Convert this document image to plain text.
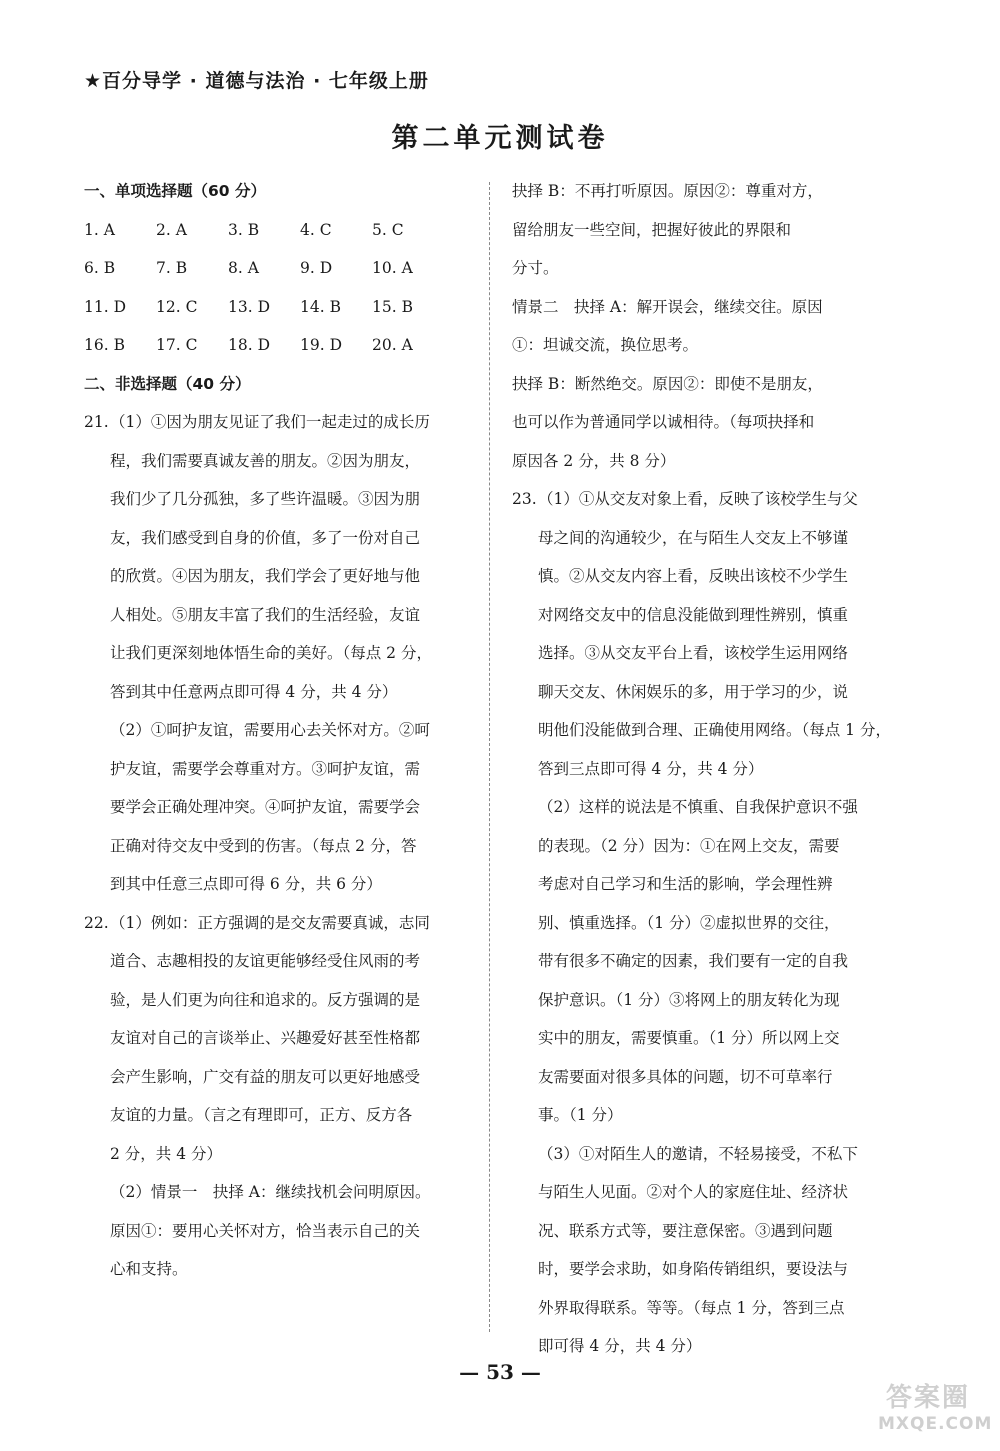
★百分导学 · 道德与法治 · 七年级上册
第二单元测试卷
一、单项选择题（60 分）
1. A	2. A	3. B	4. C	5. C
6. B	7. B	8. A	9. D	10. A
11. D	12. C	13. D	14. B	15. B
16. B	17. C	18. D	19. D	20. A
二、非选择题（40 分）
21.（1）①因为朋友见证了我们一起走过的成长历
程，我们需要真诚友善的朋友。②因为朋友，
我们少了几分孤独，多了些许温暖。③因为朋
友，我们感受到自身的价值，多了一份对自己
的欣赏。④因为朋友，我们学会了更好地与他
人相处。⑤朋友丰富了我们的生活经验，友谊
让我们更深刻地体悟生命的美好。（每点 2 分，
答到其中任意两点即可得 4 分，共 4 分）
（2）①呵护友谊，需要用心去关怀对方。②呵
护友谊，需要学会尊重对方。③呵护友谊，需
要学会正确处理冲突。④呵护友谊，需要学会
正确对待交友中受到的伤害。（每点 2 分，答
到其中任意三点即可得 6 分，共 6 分）
22.（1）例如：正方强调的是交友需要真诚，志同
道合、志趣相投的友谊更能够经受住风雨的考
验，是人们更为向往和追求的。反方强调的是
友谊对自己的言谈举止、兴趣爱好甚至性格都
会产生影响，广交有益的朋友可以更好地感受
友谊的力量。（言之有理即可，正方、反方各
2 分，共 4 分）
（2）情景一　抉择 A：继续找机会问明原因。
原因①：要用心关怀对方，恰当表示自己的关
心和支持。
抉择 B：不再打听原因。原因②：尊重对方，
留给朋友一些空间，把握好彼此的界限和
分寸。
情景二　抉择 A：解开误会，继续交往。原因
①：坦诚交流，换位思考。
抉择 B：断然绝交。原因②：即使不是朋友，
也可以作为普通同学以诚相待。（每项抉择和
原因各 2 分，共 8 分）
23.（1）①从交友对象上看，反映了该校学生与父
母之间的沟通较少，在与陌生人交友上不够谨
慎。②从交友内容上看，反映出该校不少学生
对网络交友中的信息没能做到理性辨别，慎重
选择。③从交友平台上看，该校学生运用网络
聊天交友、休闲娱乐的多，用于学习的少，说
明他们没能做到合理、正确使用网络。（每点 1 分，
答到三点即可得 4 分，共 4 分）
（2）这样的说法是不慎重、自我保护意识不强
的表现。（2 分）因为：①在网上交友，需要
考虑对自己学习和生活的影响，学会理性辨
别、慎重选择。（1 分）②虚拟世界的交往，
带有很多不确定的因素，我们要有一定的自我
保护意识。（1 分）③将网上的朋友转化为现
实中的朋友，需要慎重。（1 分）所以网上交
友需要面对很多具体的问题，切不可草率行
事。（1 分）
（3）①对陌生人的邀请，不轻易接受，不私下
与陌生人见面。②对个人的家庭住址、经济状
况、联系方式等，要注意保密。③遇到问题
时，要学会求助，如身陷传销组织，要设法与
外界取得联系。等等。（每点 1 分，答到三点
即可得 4 分，共 4 分）
— 53 —
答案圈
MXQE.COM
